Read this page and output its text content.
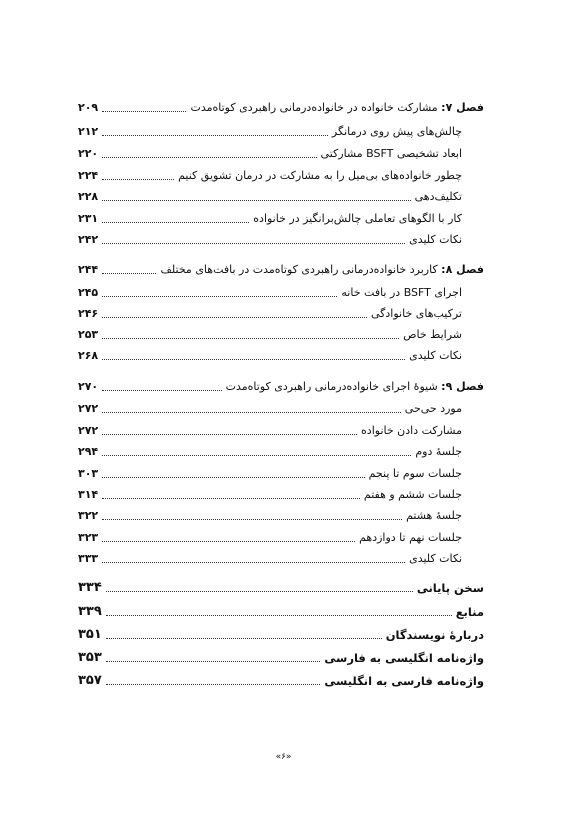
فصل ۷: مشارکت خانواده در خانواده‌درمانی راهبردی کوتاه‌مدت
۲۰۹
چالش‌های پیش روی درمانگر
۲۱۲
ابعاد تشخیصی BSFT مشارکتی
۲۲۰
چطور خانواده‌های بی‌میل را به مشارکت در درمان تشویق کنیم
۲۲۴
تکلیف‌دهی
۲۲۸
کار با الگوهای تعاملی چالش‌برانگیز در خانواده
۲۳۱
نکات کلیدی
۲۴۲
فصل ۸: کاربرد خانواده‌درمانی راهبردی کوتاه‌مدت در بافت‌های مختلف
۲۴۴
اجرای BSFT در بافت خانه
۲۴۵
ترکیب‌های خانوادگی
۲۴۶
شرایط خاص
۲۵۳
نکات کلیدی
۲۶۸
فصل ۹: شیوهٔ اجرای خانواده‌درمانی راهبردی کوتاه‌مدت
۲۷۰
مورد حی‌حی
۲۷۲
مشارکت دادن خانواده
۲۷۲
جلسهٔ دوم
۲۹۴
جلسات سوم تا پنجم
۳۰۳
جلسات ششم و هفتم
۳۱۴
جلسهٔ هشتم
۳۲۲
جلسات نهم تا دوازدهم
۳۲۳
نکات کلیدی
۳۳۳
سخن پایانی
۳۳۴
منابع
۳۳۹
دربارهٔ نویسندگان
۳۵۱
واژه‌نامه انگلیسی به فارسی
۳۵۳
واژه‌نامه فارسی به انگلیسی
۳۵۷
«۶»
